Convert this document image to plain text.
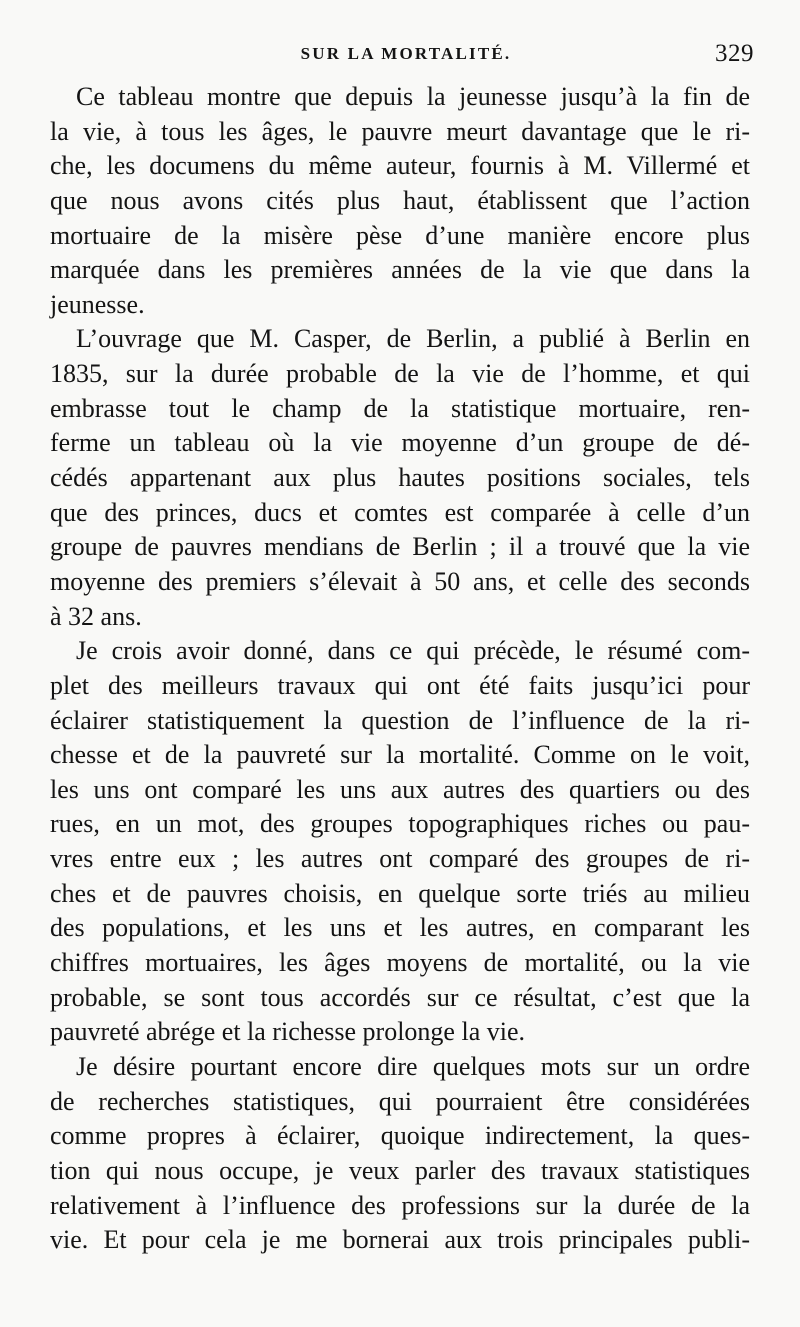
SUR LA MORTALITÉ.	329

Ce tableau montre que depuis la jeunesse jusqu’à la fin de
la vie, à tous les âges, le pauvre meurt davantage que le ri-
che, les documens du même auteur, fournis à M. Villermé et
que nous avons cités plus haut, établissent que l’action
mortuaire de la misère pèse d’une manière encore plus
marquée dans les premières années de la vie que dans la
jeunesse.

L’ouvrage que M. Casper, de Berlin, a publié à Berlin en
1835, sur la durée probable de la vie de l’homme, et qui
embrasse tout le champ de la statistique mortuaire, ren-
ferme un tableau où la vie moyenne d’un groupe de dé-
cédés appartenant aux plus hautes positions sociales, tels
que des princes, ducs et comtes est comparée à celle d’un
groupe de pauvres mendians de Berlin ; il a trouvé que la vie
moyenne des premiers s’élevait à 50 ans, et celle des seconds
à 32 ans.

Je crois avoir donné, dans ce qui précède, le résumé com-
plet des meilleurs travaux qui ont été faits jusqu’ici pour
éclairer statistiquement la question de l’influence de la ri-
chesse et de la pauvreté sur la mortalité. Comme on le voit,
les uns ont comparé les uns aux autres des quartiers ou des
rues, en un mot, des groupes topographiques riches ou pau-
vres entre eux ; les autres ont comparé des groupes de ri-
ches et de pauvres choisis, en quelque sorte triés au milieu
des populations, et les uns et les autres, en comparant les
chiffres mortuaires, les âges moyens de mortalité, ou la vie
probable, se sont tous accordés sur ce résultat, c’est que la
pauvreté abrége et la richesse prolonge la vie.

Je désire pourtant encore dire quelques mots sur un ordre
de recherches statistiques, qui pourraient être considérées
comme propres à éclairer, quoique indirectement, la ques-
tion qui nous occupe, je veux parler des travaux statistiques
relativement à l’influence des professions sur la durée de la
vie. Et pour cela je me bornerai aux trois principales publi-
